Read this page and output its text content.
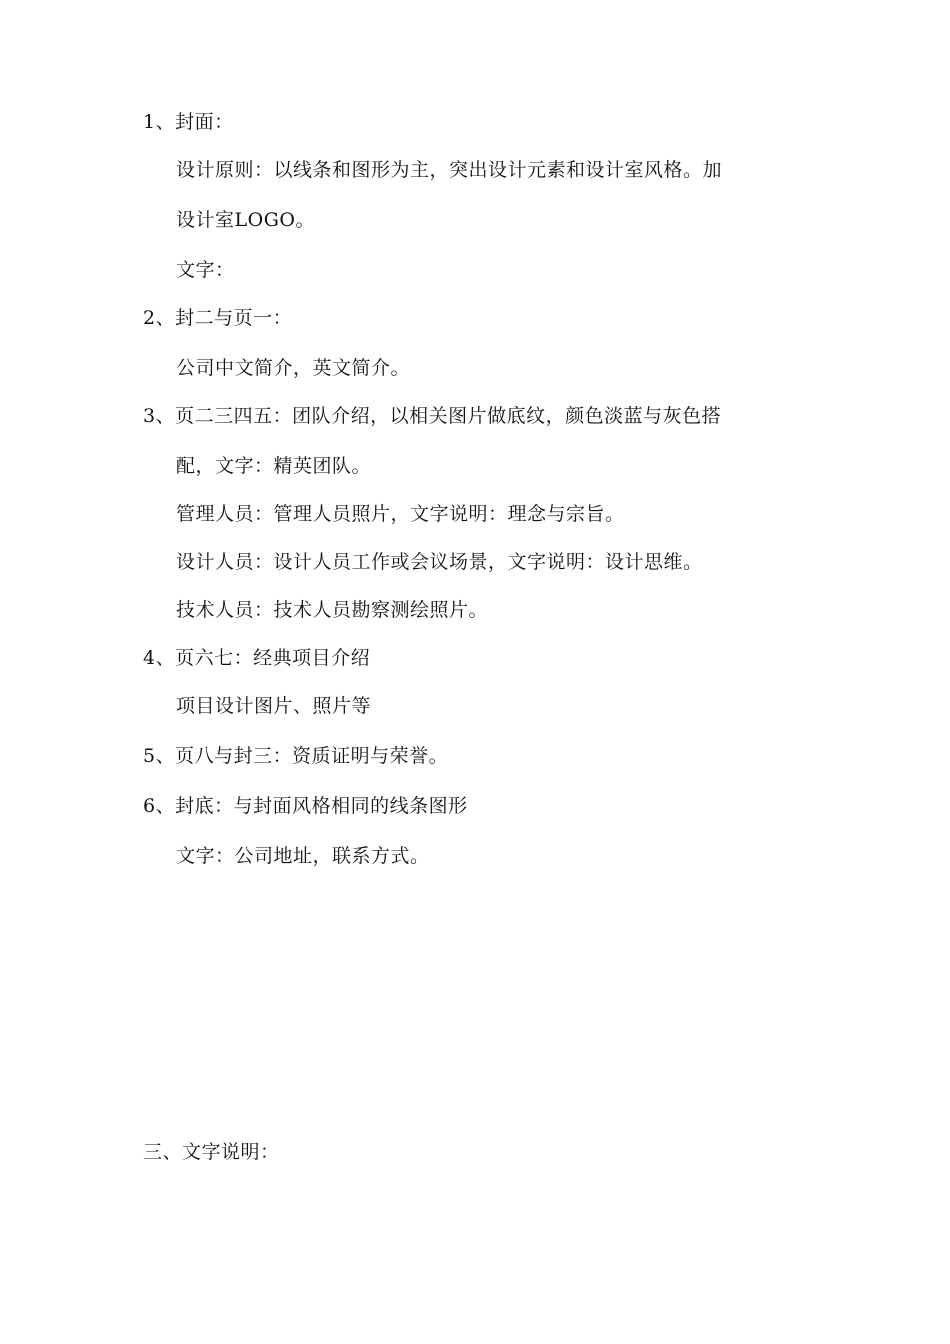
1、封面：
设计原则：以线条和图形为主，突出设计元素和设计室风格。加
设计室LOGO。
文字：
2、封二与页一：
公司中文简介，英文简介。
3、页二三四五：团队介绍，以相关图片做底纹，颜色淡蓝与灰色搭
配，文字：精英团队。
管理人员：管理人员照片，文字说明：理念与宗旨。
设计人员：设计人员工作或会议场景，文字说明：设计思维。
技术人员：技术人员勘察测绘照片。
4、页六七：经典项目介绍
项目设计图片、照片等
5、页八与封三：资质证明与荣誉。
6、封底：与封面风格相同的线条图形
文字：公司地址，联系方式。
三、文字说明：
